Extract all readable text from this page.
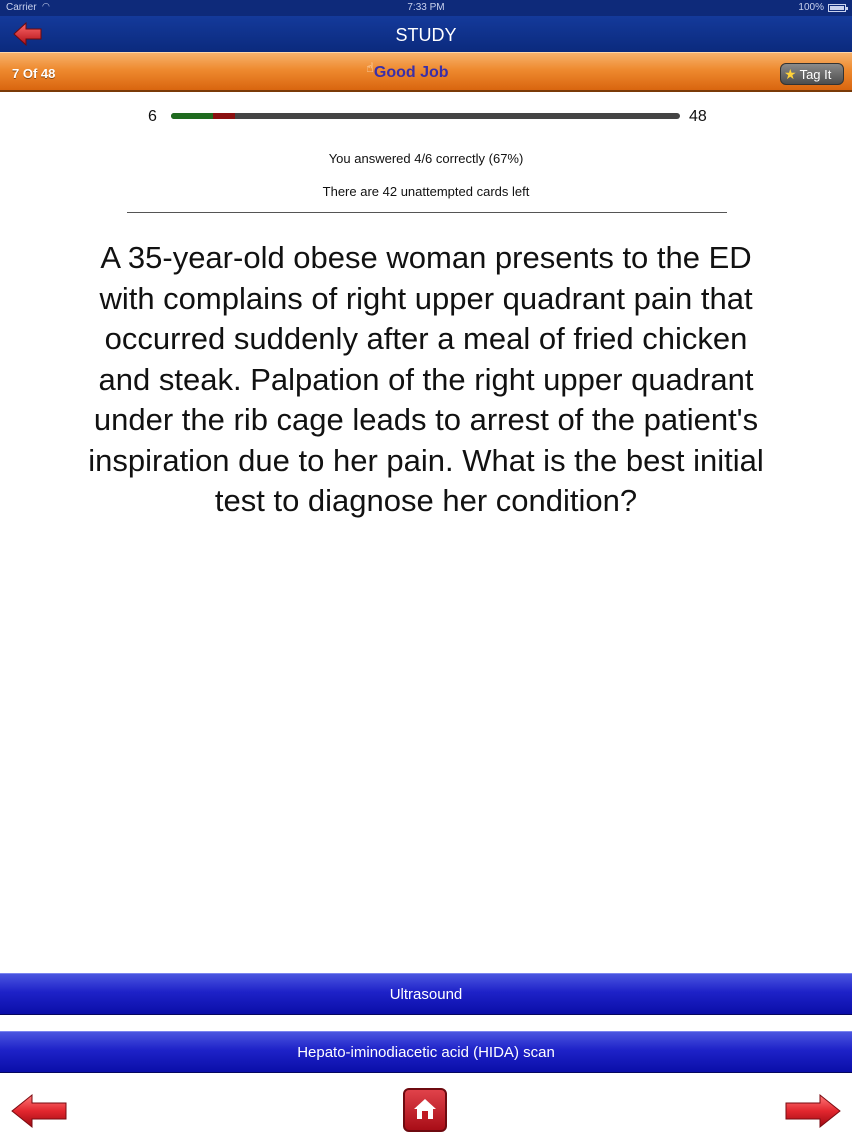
Carrier ◠	7:33 PM	100%
STUDY
7 Of 48	☝Good Job	★ Tag It
6	48
You answered 4/6 correctly (67%)
There are 42 unattempted cards left
A 35-year-old obese woman presents to the ED with complains of right upper quadrant pain that occurred suddenly after a meal of fried chicken and steak. Palpation of the right upper quadrant under the rib cage leads to arrest of the patient's inspiration due to her pain. What is the best initial test to diagnose her condition?
Ultrasound
Hepato-iminodiacetic acid (HIDA) scan
